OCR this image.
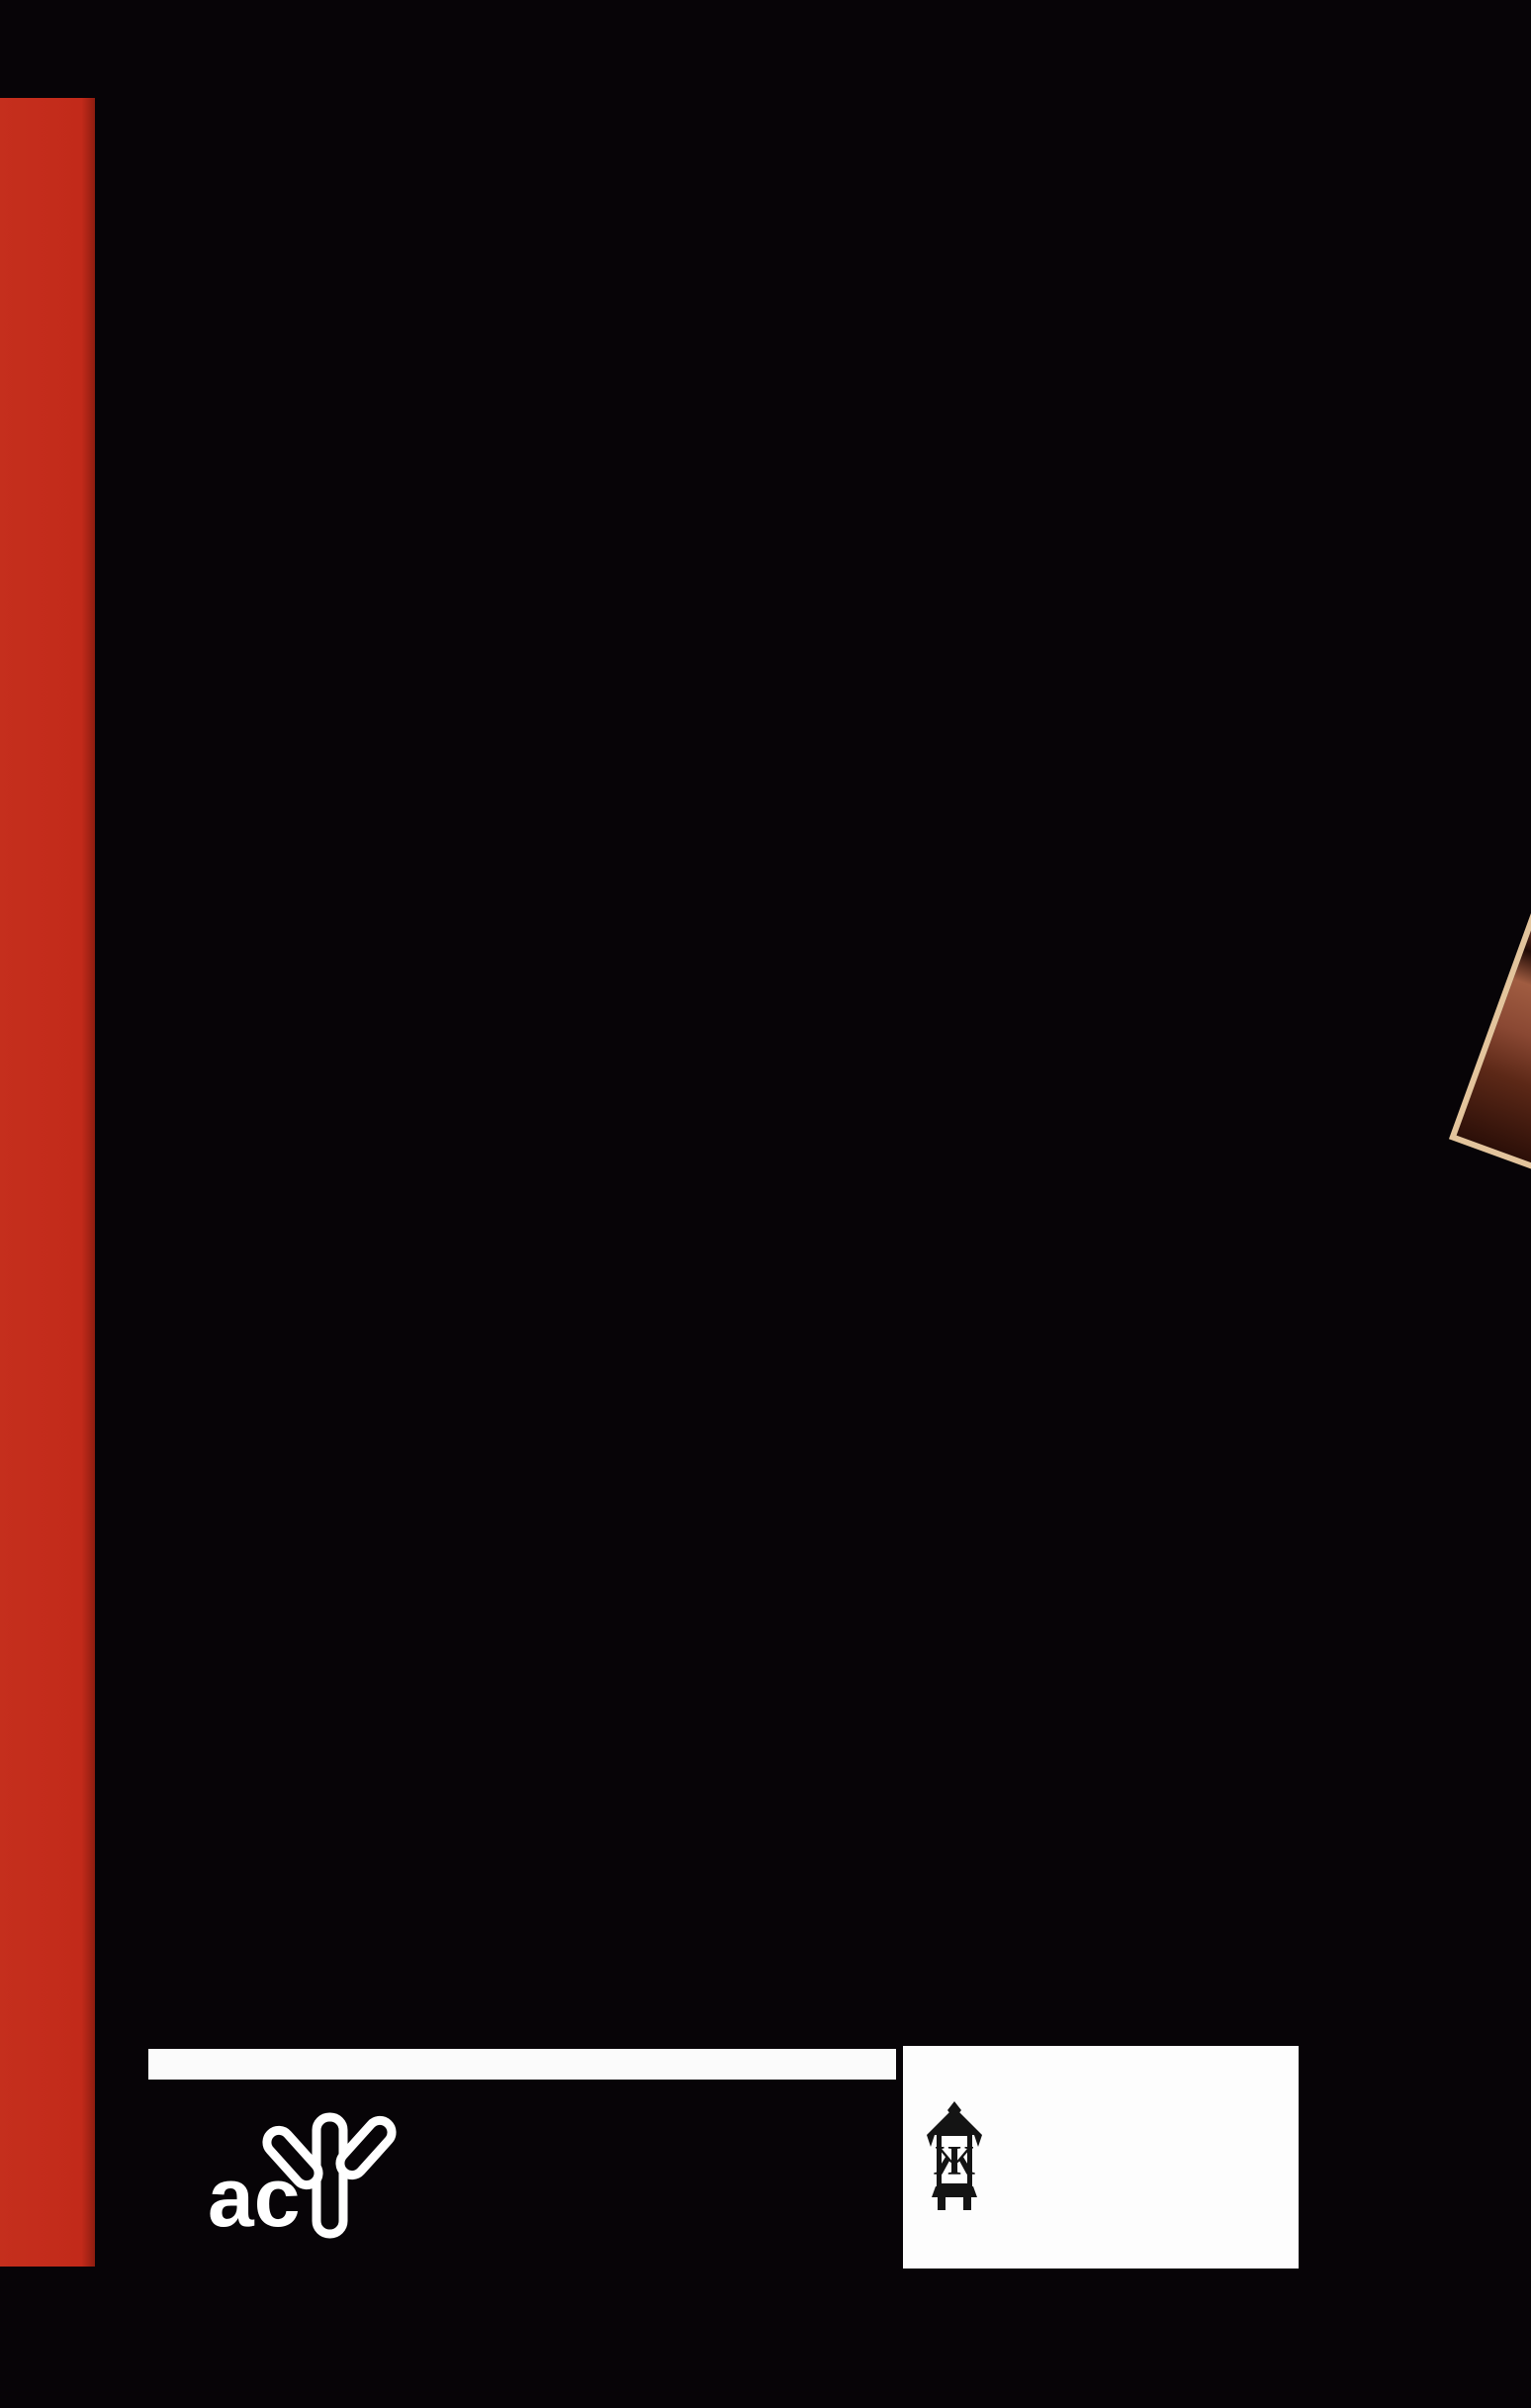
ас	Ж
